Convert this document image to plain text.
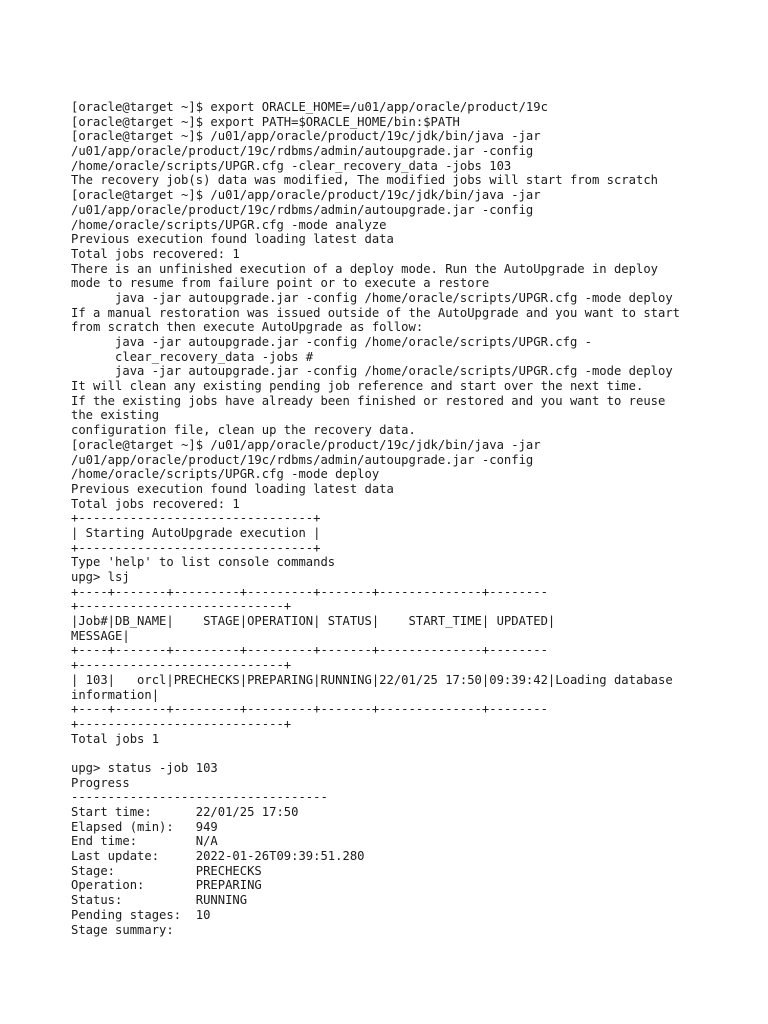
[oracle@target ~]$ export ORACLE_HOME=/u01/app/oracle/product/19c
[oracle@target ~]$ export PATH=$ORACLE_HOME/bin:$PATH
[oracle@target ~]$ /u01/app/oracle/product/19c/jdk/bin/java -jar
/u01/app/oracle/product/19c/rdbms/admin/autoupgrade.jar -config
/home/oracle/scripts/UPGR.cfg -clear_recovery_data -jobs 103
The recovery job(s) data was modified, The modified jobs will start from scratch
[oracle@target ~]$ /u01/app/oracle/product/19c/jdk/bin/java -jar
/u01/app/oracle/product/19c/rdbms/admin/autoupgrade.jar -config
/home/oracle/scripts/UPGR.cfg -mode analyze
Previous execution found loading latest data
Total jobs recovered: 1
There is an unfinished execution of a deploy mode. Run the AutoUpgrade in deploy
mode to resume from failure point or to execute a restore
java -jar autoupgrade.jar -config /home/oracle/scripts/UPGR.cfg -mode deploy
If a manual restoration was issued outside of the AutoUpgrade and you want to start
from scratch then execute AutoUpgrade as follow:
java -jar autoupgrade.jar -config /home/oracle/scripts/UPGR.cfg -
clear_recovery_data -jobs #
java -jar autoupgrade.jar -config /home/oracle/scripts/UPGR.cfg -mode deploy
It will clean any existing pending job reference and start over the next time.
If the existing jobs have already been finished or restored and you want to reuse
the existing
configuration file, clean up the recovery data.
[oracle@target ~]$ /u01/app/oracle/product/19c/jdk/bin/java -jar
/u01/app/oracle/product/19c/rdbms/admin/autoupgrade.jar -config
/home/oracle/scripts/UPGR.cfg -mode deploy
Previous execution found loading latest data
Total jobs recovered: 1
+--------------------------------+
| Starting AutoUpgrade execution |
+--------------------------------+
Type 'help' to list console commands
upg> lsj
+----+-------+---------+---------+-------+--------------+--------
+----------------------------+
|Job#|DB_NAME|    STAGE|OPERATION| STATUS|    START_TIME| UPDATED|
MESSAGE|
+----+-------+---------+---------+-------+--------------+--------
+----------------------------+
| 103|   orcl|PRECHECKS|PREPARING|RUNNING|22/01/25 17:50|09:39:42|Loading database
information|
+----+-------+---------+---------+-------+--------------+--------
+----------------------------+
Total jobs 1
upg> status -job 103
Progress
-----------------------------------
Start time:      22/01/25 17:50
Elapsed (min):   949
End time:        N/A
Last update:     2022-01-26T09:39:51.280
Stage:           PRECHECKS
Operation:       PREPARING
Status:          RUNNING
Pending stages:  10
Stage summary:
